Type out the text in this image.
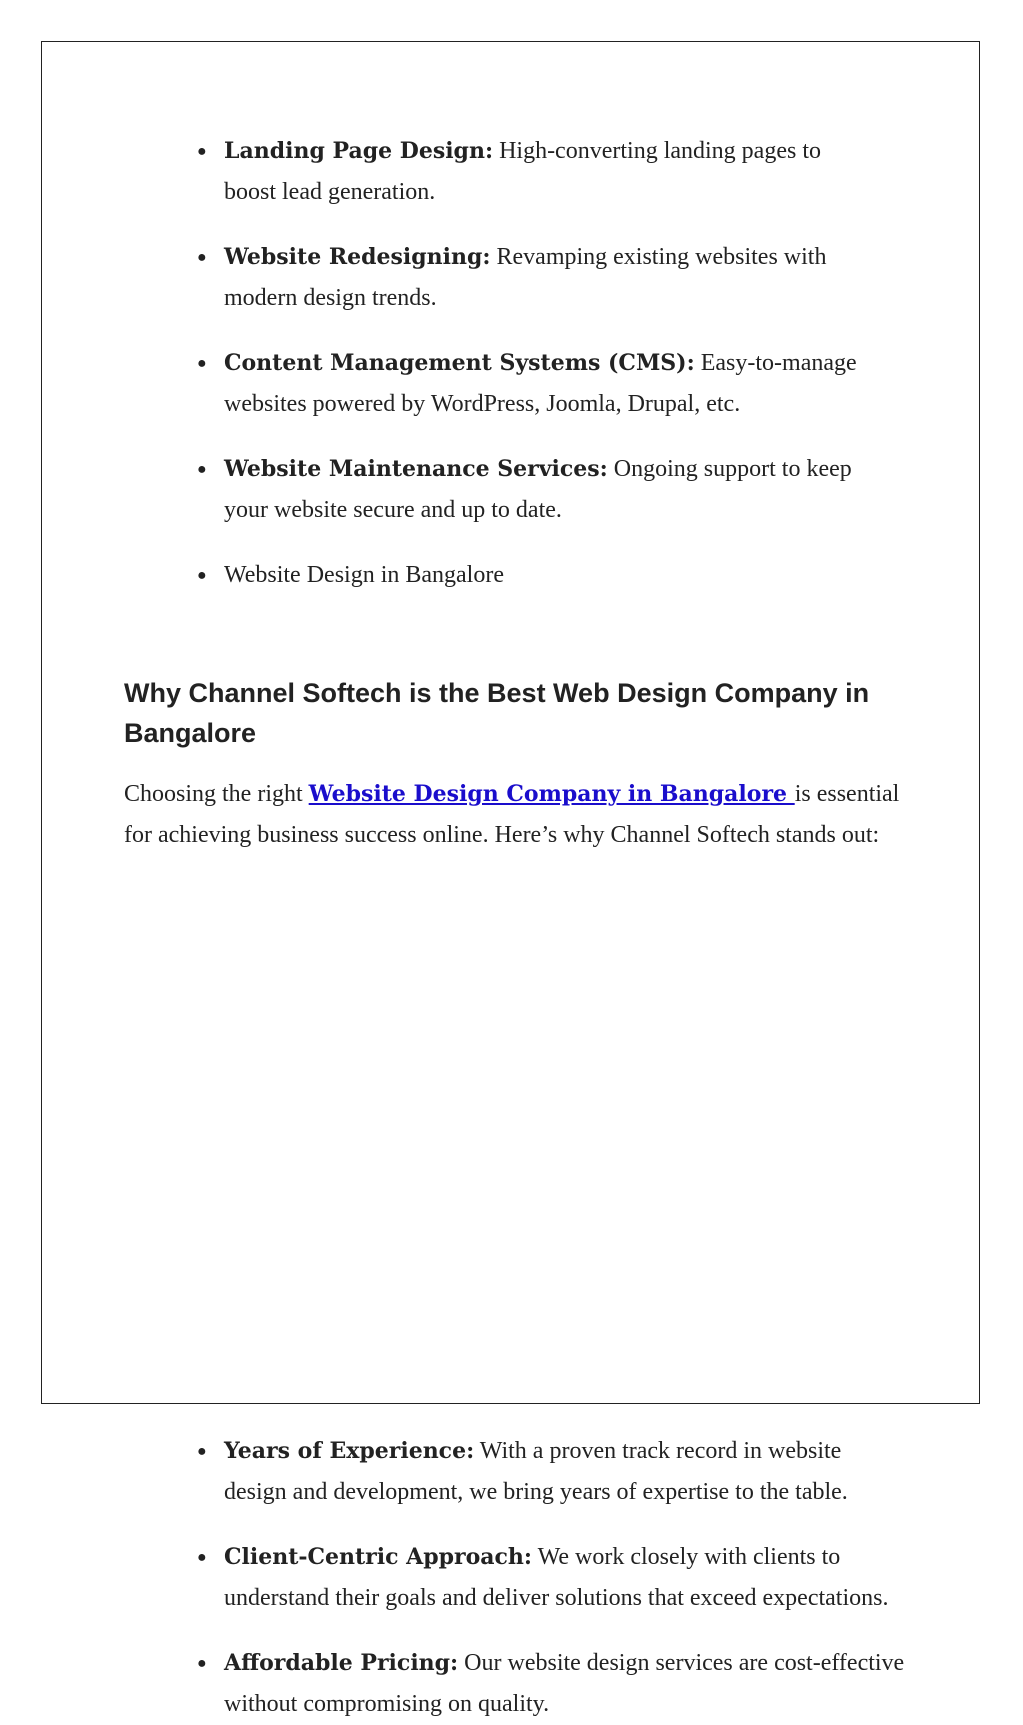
● Landing Page Design: High-converting landing pages to boost lead generation.
● Website Redesigning: Revamping existing websites with modern design trends.
● Content Management Systems (CMS): Easy-to-manage websites powered by WordPress, Joomla, Drupal, etc.
● Website Maintenance Services: Ongoing support to keep your website secure and up to date.
● Website Design in Bangalore
Why Channel Softech is the Best Web Design Company in Bangalore

Choosing the right Website Design Company in Bangalore is essential for achieving business success online. Here’s why Channel Softech stands out:

● Years of Experience: With a proven track record in website design and development, we bring years of expertise to the table.
● Client-Centric Approach: We work closely with clients to understand their goals and deliver solutions that exceed expectations.
● Affordable Pricing: Our website design services are cost-effective without compromising on quality.
